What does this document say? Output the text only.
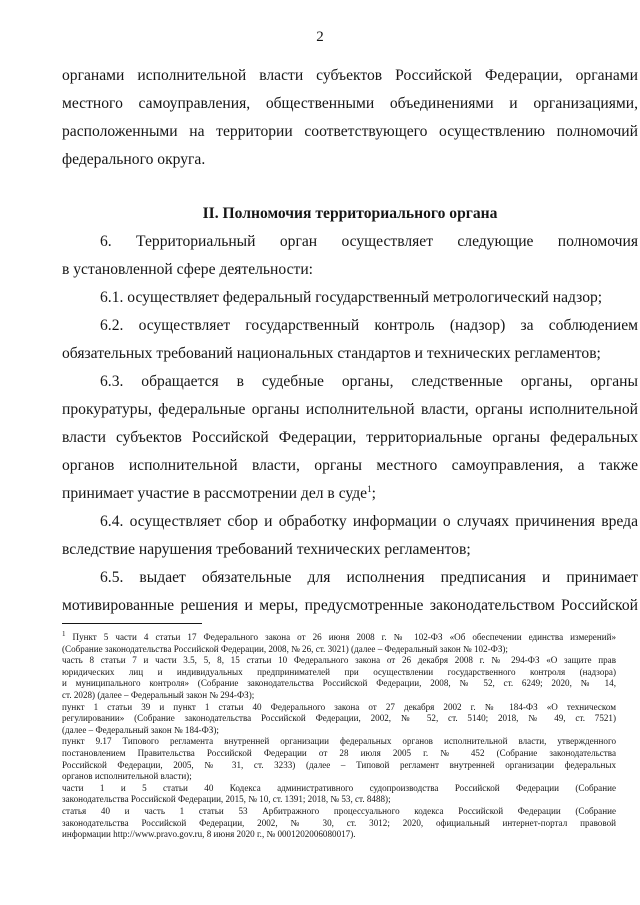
2
II. Полномочия территориального органа
органами исполнительной власти субъектов Российской Федерации, органами
местного самоуправления, общественными объединениями и организациями,
расположенными на территории соответствующего осуществлению полномочий
федерального округа.
6. Территориальный орган осуществляет следующие полномочия
в установленной сфере деятельности:
6.1. осуществляет федеральный государственный метрологический надзор;
6.2. осуществляет государственный контроль (надзор) за соблюдением
обязательных требований национальных стандартов и технических регламентов;
6.3. обращается в судебные органы, следственные органы, органы
прокуратуры, федеральные органы исполнительной власти, органы исполнительной
власти субъектов Российской Федерации, территориальные органы федеральных
органов исполнительной власти, органы местного самоуправления, а также
принимает участие в рассмотрении дел в суде$^1$;
6.4. осуществляет сбор и обработку информации о случаях причинения вреда
вследствие нарушения требований технических регламентов;
6.5. выдает обязательные для исполнения предписания и принимает
мотивированные решения и меры, предусмотренные законодательством Российской
$^1$ Пункт 5 части 4 статьи 17 Федерального закона от 26 июня 2008 г. № 102-ФЗ «Об обеспечении единства измерений»
(Собрание законодательства Российской Федерации, 2008, № 26, ст. 3021) (далее – Федеральный закон № 102-ФЗ);
часть 8 статьи 7 и части 3.5, 5, 8, 15 статьи 10 Федерального закона от 26 декабря 2008 г. № 294-ФЗ «О защите прав
юридических лиц и индивидуальных предпринимателей при осуществлении государственного контроля (надзора)
и муниципального контроля» (Собрание законодательства Российской Федерации, 2008, № 52, ст. 6249; 2020, № 14,
ст. 2028) (далее – Федеральный закон № 294-ФЗ);
пункт 1 статьи 39 и пункт 1 статьи 40 Федерального закона от 27 декабря 2002 г. № 184-ФЗ «О техническом
регулировании» (Собрание законодательства Российской Федерации, 2002, № 52, ст. 5140; 2018, № 49, ст. 7521)
(далее – Федеральный закон № 184-ФЗ);
пункт 9.17 Типового регламента внутренней организации федеральных органов исполнительной власти, утвержденного
постановлением Правительства Российской Федерации от 28 июля 2005 г. № 452 (Собрание законодательства
Российской Федерации, 2005, № 31, ст. 3233) (далее – Типовой регламент внутренней организации федеральных
органов исполнительной власти);
части 1 и 5 статьи 40 Кодекса административного судопроизводства Российской Федерации (Собрание
законодательства Российской Федерации, 2015, № 10, ст. 1391; 2018, № 53, ст. 8488);
статья 40 и часть 1 статьи 53 Арбитражного процессуального кодекса Российской Федерации (Собрание
законодательства Российской Федерации, 2002, № 30, ст. 3012; 2020, официальный интернет-портал правовой
информации http://www.pravo.gov.ru, 8 июня 2020 г., № 0001202006080017).
